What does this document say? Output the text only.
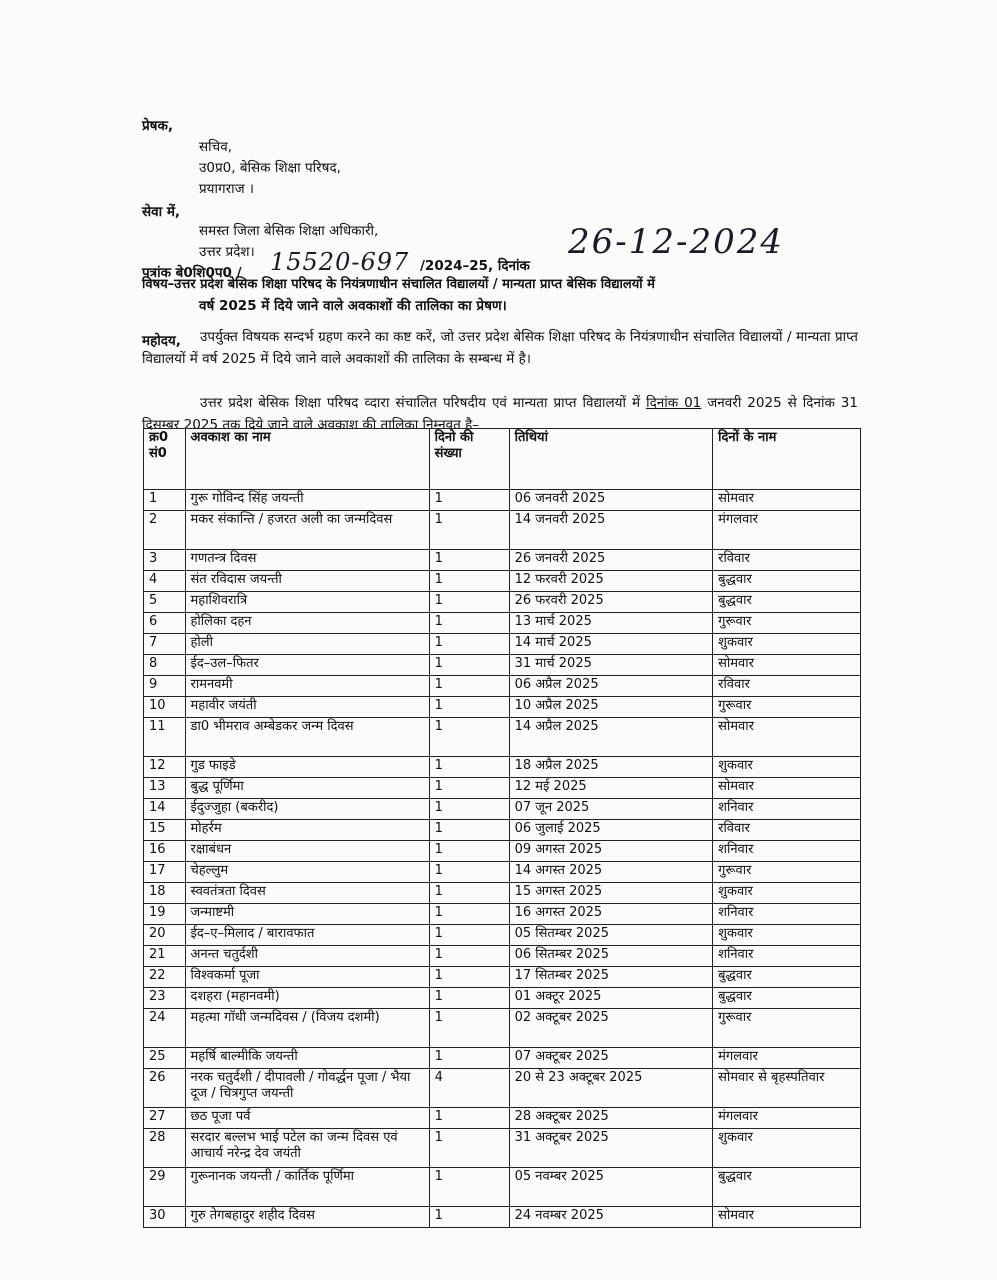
प्रेषक,
सचिव,
उ0प्र0, बेसिक शिक्षा परिषद,
प्रयागराज ।
सेवा में,
समस्त जिला बेसिक शिक्षा अधिकारी,
उत्तर प्रदेश।
पत्रांक बे0शि0प0 / 15520-697 /2024–25, दिनांक
26-12-2024
विषय–उत्तर प्रदेश बेसिक शिक्षा परिषद के नियंत्रणाधीन संचालित विद्यालयों / मान्यता प्राप्त बेसिक विद्यालयों में
वर्ष 2025 में दिये जाने वाले अवकाशों की तालिका का प्रेषण।
महोदय,	उपर्युक्त विषयक सन्दर्भ ग्रहण करने का कष्ट करें, जो उत्तर प्रदेश बेसिक शिक्षा परिषद के नियंत्रणाधीन संचालित विद्यालयों / मान्यता प्राप्त विद्यालयों में वर्ष 2025 में दिये जाने वाले अवकाशों की तालिका के सम्बन्ध में है।
उत्तर प्रदेश बेसिक शिक्षा परिषद व्दारा संचालित परिषदीय एवं मान्यता प्राप्त विद्यालयों में दिनांक 01 जनवरी 2025 से दिनांक 31 दिसम्बर 2025 तक दिये जाने वाले अवकाश की तालिका निम्नवत है–
क्र0 सं0	अवकाश का नाम	दिनो की संख्या	तिथियां	दिनों के नाम
1	गुरू गोविन्द सिंह जयन्ती	1	06 जनवरी 2025	सोमवार
2	मकर संकान्ति / हजरत अली का जन्मदिवस	1	14 जनवरी 2025	मंगलवार
3	गणतन्त्र दिवस	1	26 जनवरी 2025	रविवार
4	संत रविदास जयन्ती	1	12 फरवरी 2025	बुद्धवार
5	महाशिवरात्रि	1	26 फरवरी 2025	बुद्धवार
6	होलिका दहन	1	13 मार्च 2025	गुरूवार
7	होली	1	14 मार्च 2025	शुकवार
8	ईद–उल–फितर	1	31 मार्च 2025	सोमवार
9	रामनवमी	1	06 अप्रैल 2025	रविवार
10	महावीर जयंती	1	10 अप्रैल 2025	गुरूवार
11	डा0 भीमराव अम्बेडकर जन्म दिवस	1	14 अप्रैल 2025	सोमवार
12	गुड फाइडे	1	18 अप्रैल 2025	शुकवार
13	बुद्ध पूर्णिमा	1	12 मई 2025	सोमवार
14	ईदुज्जुहा (बकरीद)	1	07 जून 2025	शनिवार
15	मोहर्रम	1	06 जुलाई 2025	रविवार
16	रक्षाबंधन	1	09 अगस्त 2025	शनिवार
17	चेहल्लुम	1	14 अगस्त 2025	गुरूवार
18	स्ववतंत्रता दिवस	1	15 अगस्त 2025	शुकवार
19	जन्माष्टमी	1	16 अगस्त 2025	शनिवार
20	ईद–ए–मिलाद / बारावफात	1	05 सितम्बर 2025	शुकवार
21	अनन्त चतुर्दशी	1	06 सितम्बर 2025	शनिवार
22	विश्वकर्मा पूजा	1	17 सितम्बर 2025	बुद्धवार
23	दशहरा (महानवमी)	1	01 अक्टूर 2025	बुद्धवार
24	महत्मा गॉधी जन्मदिवस / (विजय दशमी)	1	02 अक्टूबर 2025	गुरूवार
25	महर्षि बाल्मीकि जयन्ती	1	07 अक्टूबर 2025	मंगलवार
26	नरक चतुर्दशी / दीपावली / गोवर्द्धन पूजा / भैया दूज / चित्रगुप्त जयन्ती	4	20 से 23 अक्टूबर 2025	सोमवार से बृहस्पतिवार
27	छठ पूजा पर्व	1	28 अक्टूबर 2025	मंगलवार
28	सरदार बल्लभ भाई पटेल का जन्म दिवस एवं आचार्य नरेन्द्र देव जयंती	1	31 अक्टूबर 2025	शुकवार
29	गुरूनानक जयन्ती / कार्तिक पूर्णिमा	1	05 नवम्बर 2025	बुद्धवार
30	गुरु तेगबहादुर शहीद दिवस	1	24 नवम्बर 2025	सोमवार
